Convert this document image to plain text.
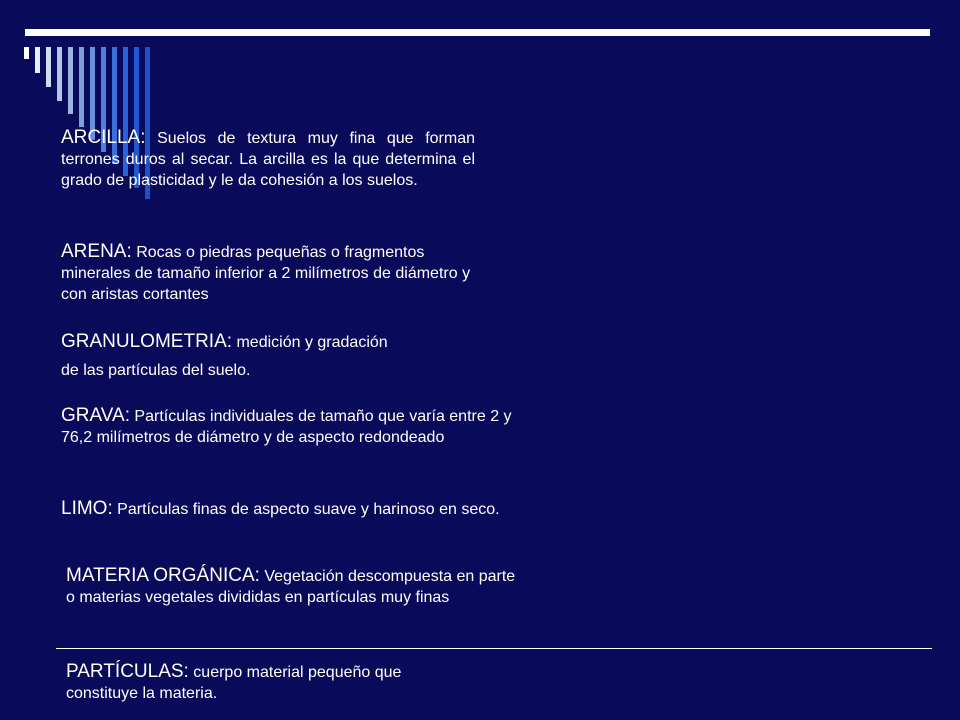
ARCILLA: Suelos de textura muy fina que forman terrones duros al secar. La arcilla es la que determina el grado de plasticidad y le da cohesión a los suelos.
ARENA: Rocas o piedras pequeñas o fragmentos minerales de tamaño inferior a 2 milímetros de diámetro y con aristas cortantes
GRANULOMETRIA: medición y gradación
de las partículas del suelo.
GRAVA: Partículas individuales de tamaño que varía entre 2 y 76,2 milímetros de diámetro y de aspecto redondeado
LIMO: Partículas finas de aspecto suave y harinoso en seco.
MATERIA ORGÁNICA: Vegetación descompuesta en parte o materias vegetales divididas en partículas muy finas
PARTÍCULAS: cuerpo material pequeño que constituye la materia.
